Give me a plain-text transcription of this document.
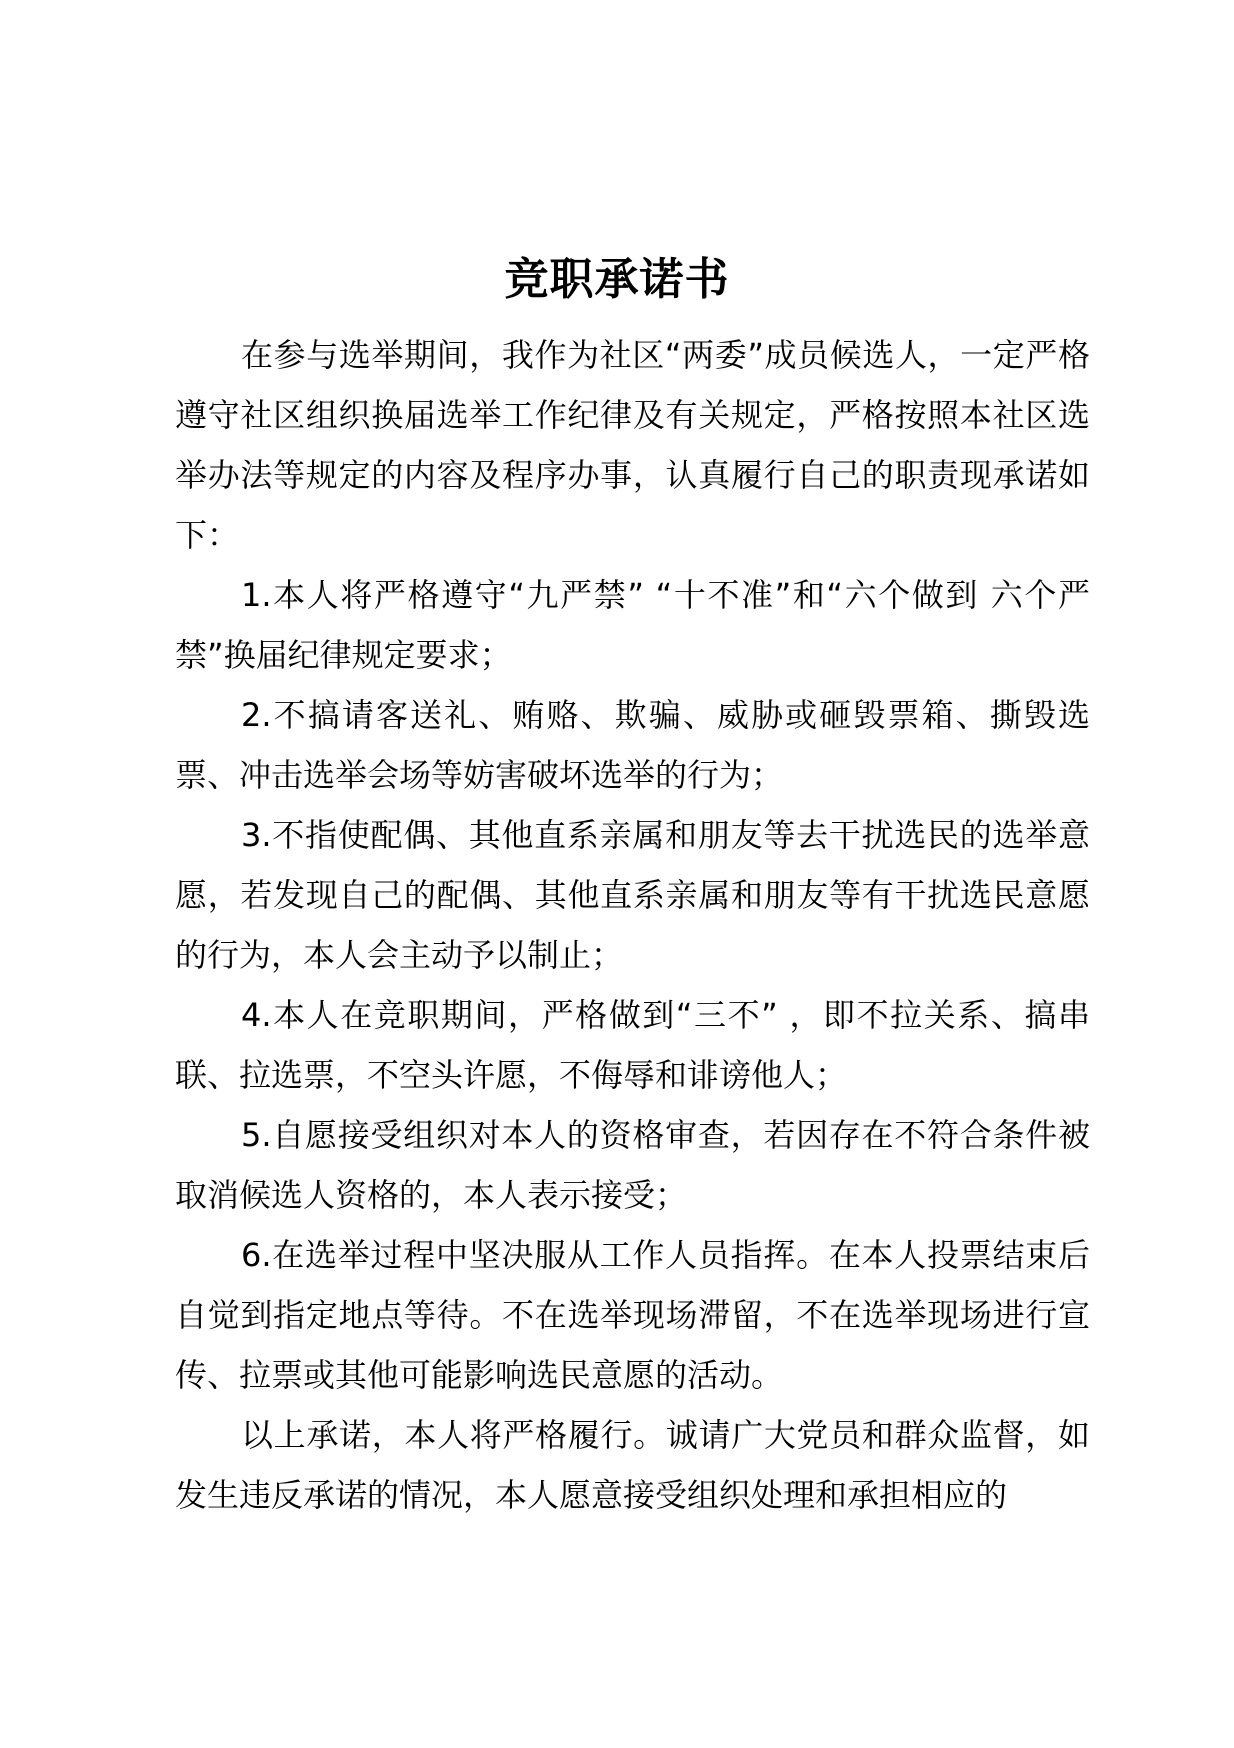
竞职承诺书

在参与选举期间，我作为社区“两委”成员候选人，一定严格遵守社区组织换届选举工作纪律及有关规定，严格按照本社区选举办法等规定的内容及程序办事，认真履行自己的职责现承诺如下：

1.本人将严格遵守“九严禁” “十不准”和“六个做到 六个严禁”换届纪律规定要求；

2.不搞请客送礼、贿赂、欺骗、威胁或砸毁票箱、撕毁选票、冲击选举会场等妨害破坏选举的行为；

3.不指使配偶、其他直系亲属和朋友等去干扰选民的选举意愿，若发现自己的配偶、其他直系亲属和朋友等有干扰选民意愿的行为，本人会主动予以制止；

4.本人在竞职期间，严格做到“三不” ，即不拉关系、搞串联、拉选票，不空头许愿，不侮辱和诽谤他人；

5.自愿接受组织对本人的资格审查，若因存在不符合条件被取消候选人资格的，本人表示接受；

6.在选举过程中坚决服从工作人员指挥。在本人投票结束后自觉到指定地点等待。不在选举现场滞留，不在选举现场进行宣传、拉票或其他可能影响选民意愿的活动。

以上承诺，本人将严格履行。诚请广大党员和群众监督，如发生违反承诺的情况，本人愿意接受组织处理和承担相应的
